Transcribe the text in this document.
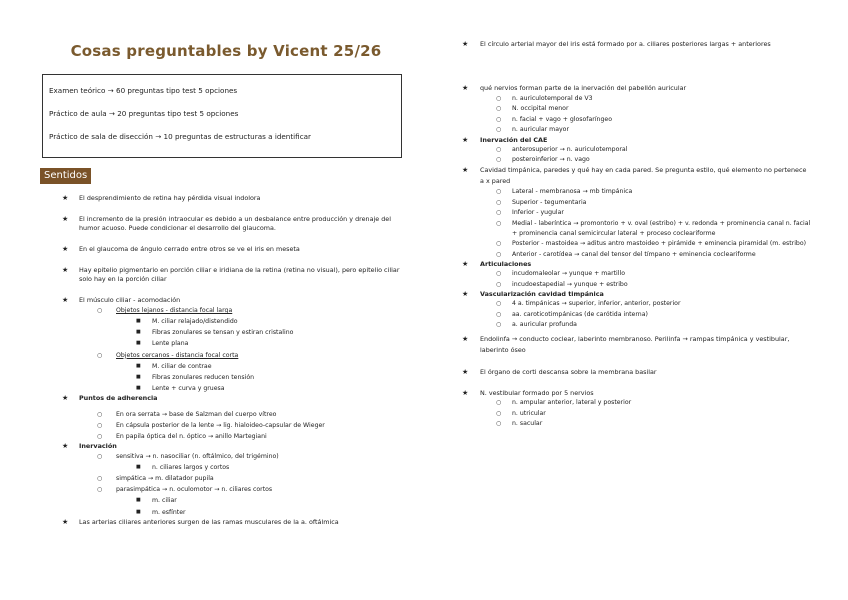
Cosas preguntables by Vicent 25/26
Examen teórico → 60 preguntas tipo test 5 opciones
Práctico de aula → 20 preguntas tipo test 5 opciones
Práctico de sala de disección → 10 preguntas de estructuras a identificar
Sentidos
★ El desprendimiento de retina hay pérdida visual indolora
★ El incremento de la presión intraocular es debido a un desbalance entre producción y drenaje del humor acuoso. Puede condicionar el desarrollo del glaucoma.
★ En el glaucoma de ángulo cerrado entre otros se ve el iris en meseta
★ Hay epitelio pigmentario en porción ciliar e iridiana de la retina (retina no visual), pero epitelio ciliar solo hay en la porción ciliar
★ El músculo ciliar - acomodación
○ Objetos lejanos - distancia focal larga
■ M. ciliar relajado/distendido
■ Fibras zonulares se tensan y estiran cristalino
■ Lente plana
○ Objetos cercanos - distancia focal corta
■ M. ciliar de contrae
■ Fibras zonulares reducen tensión
■ Lente + curva y gruesa
★ Puntos de adherencia
○ En ora serrata → base de Salzman del cuerpo vítreo
○ En cápsula posterior de la lente → lig. hialoideo-capsular de Wieger
○ En papila óptica del n. óptico → anillo Martegiani
★ Inervación
○ sensitiva → n. nasociliar (n. oftálmico, del trigémino)
■ n. ciliares largos y cortos
○ simpática → m. dilatador pupila
○ parasimpática → n. oculomotor → n. ciliares cortos
■ m. ciliar
■ m. esfínter
★ Las arterias ciliares anteriores surgen de las ramas musculares de la a. oftálmica
★ El círculo arterial mayor del iris está formado por a. ciliares posteriores largas + anteriores
★ qué nervios forman parte de la inervación del pabellón auricular
○ n. auriculotemporal de V3
○ N. occipital menor
○ n. facial + vago + glosofaríngeo
○ n. auricular mayor
★ Inervación del CAE
○ anterosuperior → n. auriculotemporal
○ posteroinferior → n. vago
★ Cavidad timpánica, paredes y qué hay en cada pared. Se pregunta estilo, qué elemento no pertenece a x pared
○ Lateral - membranosa → mb timpánica
○ Superior - tegumentaria
○ Inferior - yugular
○ Medial - laberíntica → promontorio + v. oval (estribo) + v. redonda + prominencia canal n. facial + prominencia canal semicircular lateral + proceso cocleariforme
○ Posterior - mastoidea → aditus antro mastoideo + pirámide + eminencia piramidal (m. estribo)
○ Anterior - carotídea → canal del tensor del tímpano + eminencia cocleariforme
★ Articulaciones
○ incudomaleolar → yunque + martillo
○ incudoestapedial → yunque + estribo
★ Vascularización cavidad timpánica
○ 4 a. timpánicas → superior, inferior, anterior, posterior
○ aa. caroticotimpánicas (de carótida interna)
○ a. auricular profunda
★ Endolinfa → conducto coclear, laberinto membranoso. Perilinfa → rampas timpánica y vestibular, laberinto óseo
★ El órgano de corti descansa sobre la membrana basilar
★ N. vestibular formado por 5 nervios
○ n. ampular anterior, lateral y posterior
○ n. utricular
○ n. sacular
